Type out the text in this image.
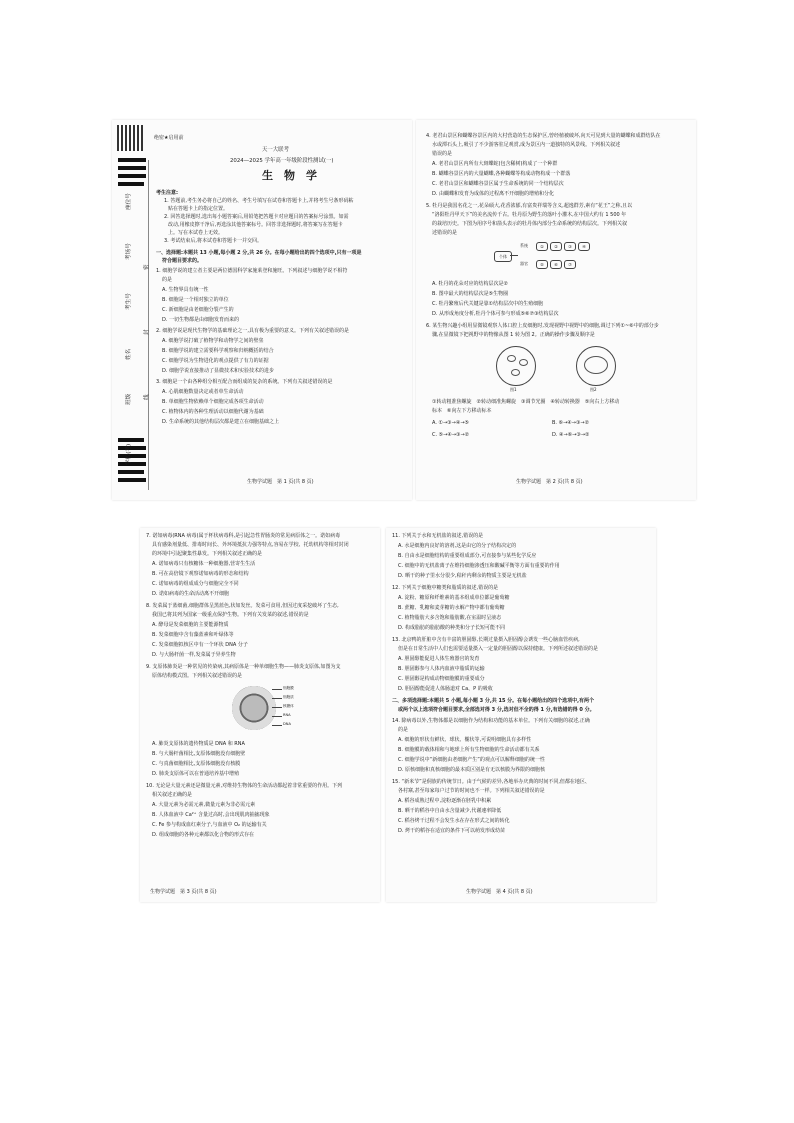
座位号
考场号
考生号
姓名
班级
学校(考)
密
封
线
绝密★启用前
天一大联考
2024—2025 学年高一年级阶段性测试(一)
生　物　学
考生注意:
1. 答题前,考生务必将自己的姓名、考生号填写在试卷和答题卡上,并将考生号条形码粘
贴在答题卡上的指定位置。
2. 回答选择题时,选出每小题答案后,用铅笔把答题卡对应题目的答案标号涂黑。如需
改动,用橡皮擦干净后,再选涂其他答案标号。回答非选择题时,将答案写在答题卡
上。写在本试卷上无效。
3. 考试结束后,将本试卷和答题卡一并交回。
一、选择题:本题共 13 小题,每小题 2 分,共 26 分。在每小题给出的四个选项中,只有一项是
符合题目要求的。
1. 细胞学说的建立者主要是两位德国科学家施莱登和施旺。下列叙述与细胞学说不相符
的是
A. 生物界具有统一性
B. 细胞是一个相对独立的单位
C. 新细胞是由老细胞分裂产生的
D. 一切生物都是由细胞发育而来的
2. 细胞学说是现代生物学的基础理论之一,具有极为重要的意义。下列有关叙述错误的是
A. 细胞学说打破了植物学和动物学之间的壁垒
B. 细胞学说的建立需要科学观察和归纳概括的结合
C. 细胞学说为生物进化的观点提供了有力的证据
D. 细胞学说直接推动了显微技术和实验技术的进步
3. 细胞是一个由各种组分相互配合而组成的复杂的系统。下列有关叙述错误的是
A. 心肌细胞数量决定或者单生命活动
B. 单细胞生物依赖单个细胞完成各项生命活动
C. 植物体内的各种生理活动以细胞代谢为基础
D. 生命系统的其他结构层次都是建立在细胞基础之上
生物学试题　第 1 页(共 8 页)
4. 老君山景区和蝴蝶谷景区内的大村营造的生态保护区,曾经植被破坏,向天可见到大量的蝴蝶和成群结队在
水或潭石头上,吸引了不少游客驻足观赏,成为景区内一道独特的风景线。下列相关叙述
错误的是
A. 老君山景区内所有大斑蝶蛇(包含稀树)构成了一个种群
B. 蝴蝶谷景区内的大量蝴蝶,各种蝴蝶等构成动物构成一个群落
C. 老君山景区和蝴蝶谷景区属于生命系统的同一个结构层次
D. 由蝴蝶和发育为成体的过程离不开细胞的增殖和分化
5. 牡丹是我国名花之一,花朵硕大,花香浓郁,有富贵祥瑞等含义,超逸群芳,素有“花王”之称,且以
“洛阳牡丹甲天下”的美名流传千古。牡丹原为野生的落叶小灌木,在中国大约有 1 500 年
的栽培历史。下图为用序号和箭头表示的牡丹体内部分生命系统的结构层次。下列相关叙
述错误的是
个体
系统
器官
①	②	③	④
⑤	⑥	⑦
A. 牡丹的花朵对应的结构层次是②
B. 图中最大的结构层次是⑤生物圈
C. 牡丹繁殖后代关键是靠①结构层次中的生殖细胞
D. 从形成角度分析,牡丹个体可参与形成⑤⑥⑦③结构层次
6. 某生物兴趣小组用显微镜观察人体口腔上皮细胞时,发现视野中视野中的细胞,调过下列①~⑥中的部分步
骤,在显微镜下把视野中的物像从图 1 转为图 2。正确的操作步骤及顺序是
图1	图2
①转动粗准焦螺旋　②转动细准焦螺旋　③调节光圈　④转动转换器　⑤向右上方移动
标本　⑥向左下方移动标本
A. ①→③→④→⑤	B. ⑥→④→③→②
C. ⑤→④→③→②	D. ④→⑥→③→②
生物学试题　第 2 页(共 8 页)
7. 诺如病毒(RNA 病毒)属于杯状病毒科,是引起急性胃肠炎的常见病原体之一。诺如病毒
具有感染剂量低、排毒时间长、外环境抵抗力强等特点,容易在学校、托幼机构等相对封闭
的环境中引起聚集性暴发。下列相关叙述正确的是
A. 诺如病毒只有核糖体一种细胞器,营寄生生活
B. 可在高倍镜下观察诺如病毒的形态和结构
C. 诺如病毒的组成成分与细胞完全不同
D. 诺如病毒的生命活动离不开细胞
8. 发菜属于蓝细菌,细胞群体呈黑蓝色,状如发丝。发菜可食用,但因过度采挖破坏了生态,
我国已将其列为国家一级重点保护生物。下列有关发菜的叙述,错误的是
A. 酵母是发菜细胞的主要能源物质
B. 发菜细胞中含有藻蓝素和叶绿体等
C. 发菜细胞拟核区中有一个环状 DNA 分子
D. 与大肠杆菌一样,发菜属于异养生物
9. 支原体肺炎是一种常见的传染病,其病原体是一种单细胞生物——肺炎支原体,如图为支
原体结构模式图。下列相关叙述错误的是
细胞膜
细胞质
核糖体
RNA
DNA
A. 肺炎支原体的遗传物质是 DNA 和 RNA
B. 与大肠杆菌相比,支原体细胞没有细胞壁
C. 与真菌细胞相比,支原体细胞没有核膜
D. 肺炎支原体可以在普通培养基中增殖
10. 无论是大量元素还是微量元素,对维持生物体的生命活动都起着非常重要的作用。下列
相关叙述正确的是
A. 大量元素为必需元素,微量元素为非必需元素
B. 人体血液中 Ca²⁺ 含量过高时,会出现肌肉抽搐现象
C. Fe 参与构成血红素分子,与血液中 O₂ 的运输有关
D. 组成细胞的各种元素都以化合物的形式存在
生物学试题　第 3 页(共 8 页)
11. 下列关于水和无机盐的叙述,错误的是
A. 水是细胞内良好的溶剂,这是由它的分子结构决定的
B. 自由水是细胞结构的重要组成部分,可直接参与某些化学反应
C. 细胞中的无机盐离子在维持细胞渗透压和酸碱平衡等方面有重要的作用
D. 晒干的种子里水分很少,秸秆内剩余的物质主要是无机盐
12. 下列关于细胞中糖类和脂质的叙述,错误的是
A. 淀粉、糖原和纤维素的基本组成单位都是葡萄糖
B. 蔗糖、乳糖和麦芽糖的水解产物中都有葡萄糖
C. 植物脂肪大多含饱和脂肪酸,在室温时呈液态
D. 构成脂肪的脂肪酸的种类和分子长短可能不同
13. 北京鸭的肝脏中含有丰富的胆固醇,长期过量摄入胆固醇会诱发一些心脑血管疾病,
但是在日常生活中人们也需要适量摄入一定量的胆固醇以保持健康。下列所述叙述错误的是
A. 胆固醇能促进人体生殖器官的发育
B. 胆固醇参与人体内血液中脂质的运输
C. 胆固醇是构成动物细胞膜的重要成分
D. 胆固醇能促进人体肠道对 Ca、P 的吸收
二、多项选择题:本题共 5 小题,每小题 3 分,共 15 分。在每小题给出的四个选项中,有两个
或两个以上选项符合题目要求,全部选对得 3 分,选对但不全的得 1 分,有选错的得 0 分。
14. 除病毒以外,生物体都是以细胞作为结构和功能的基本单位。下列有关细胞的叙述,正确
的是
A. 细胞的形状有鲜状、球状、椭状等,可说明细胞具有多样性
B. 细胞膜的载体相和与地球上所有生物细胞的生命活动都有关系
C. 细胞学说中“新细胞由老细胞产生”的观点可以解释细胞的统一性
D. 原核细胞和真核细胞的最本质区别是有无以核膜为界限的细胞核
15. “新米节”是侗族的传统节日。由于气候的差异,各地举办庆典的时间不同,但都在地区、
各村寨,甚至每家每户过节的时间也不一样。下列相关叙述错误的是
A. 稻谷成熟过程中,淀粉逐渐在胚乳中积累
B. 晒干的稻谷中自由水含量减少,代谢速率降低
C. 稻谷烤干过程不会发生水在存在形式之间的转化
D. 烤干的稻谷在适宜的条件下可以萌发形成幼苗
生物学试题　第 4 页(共 8 页)
